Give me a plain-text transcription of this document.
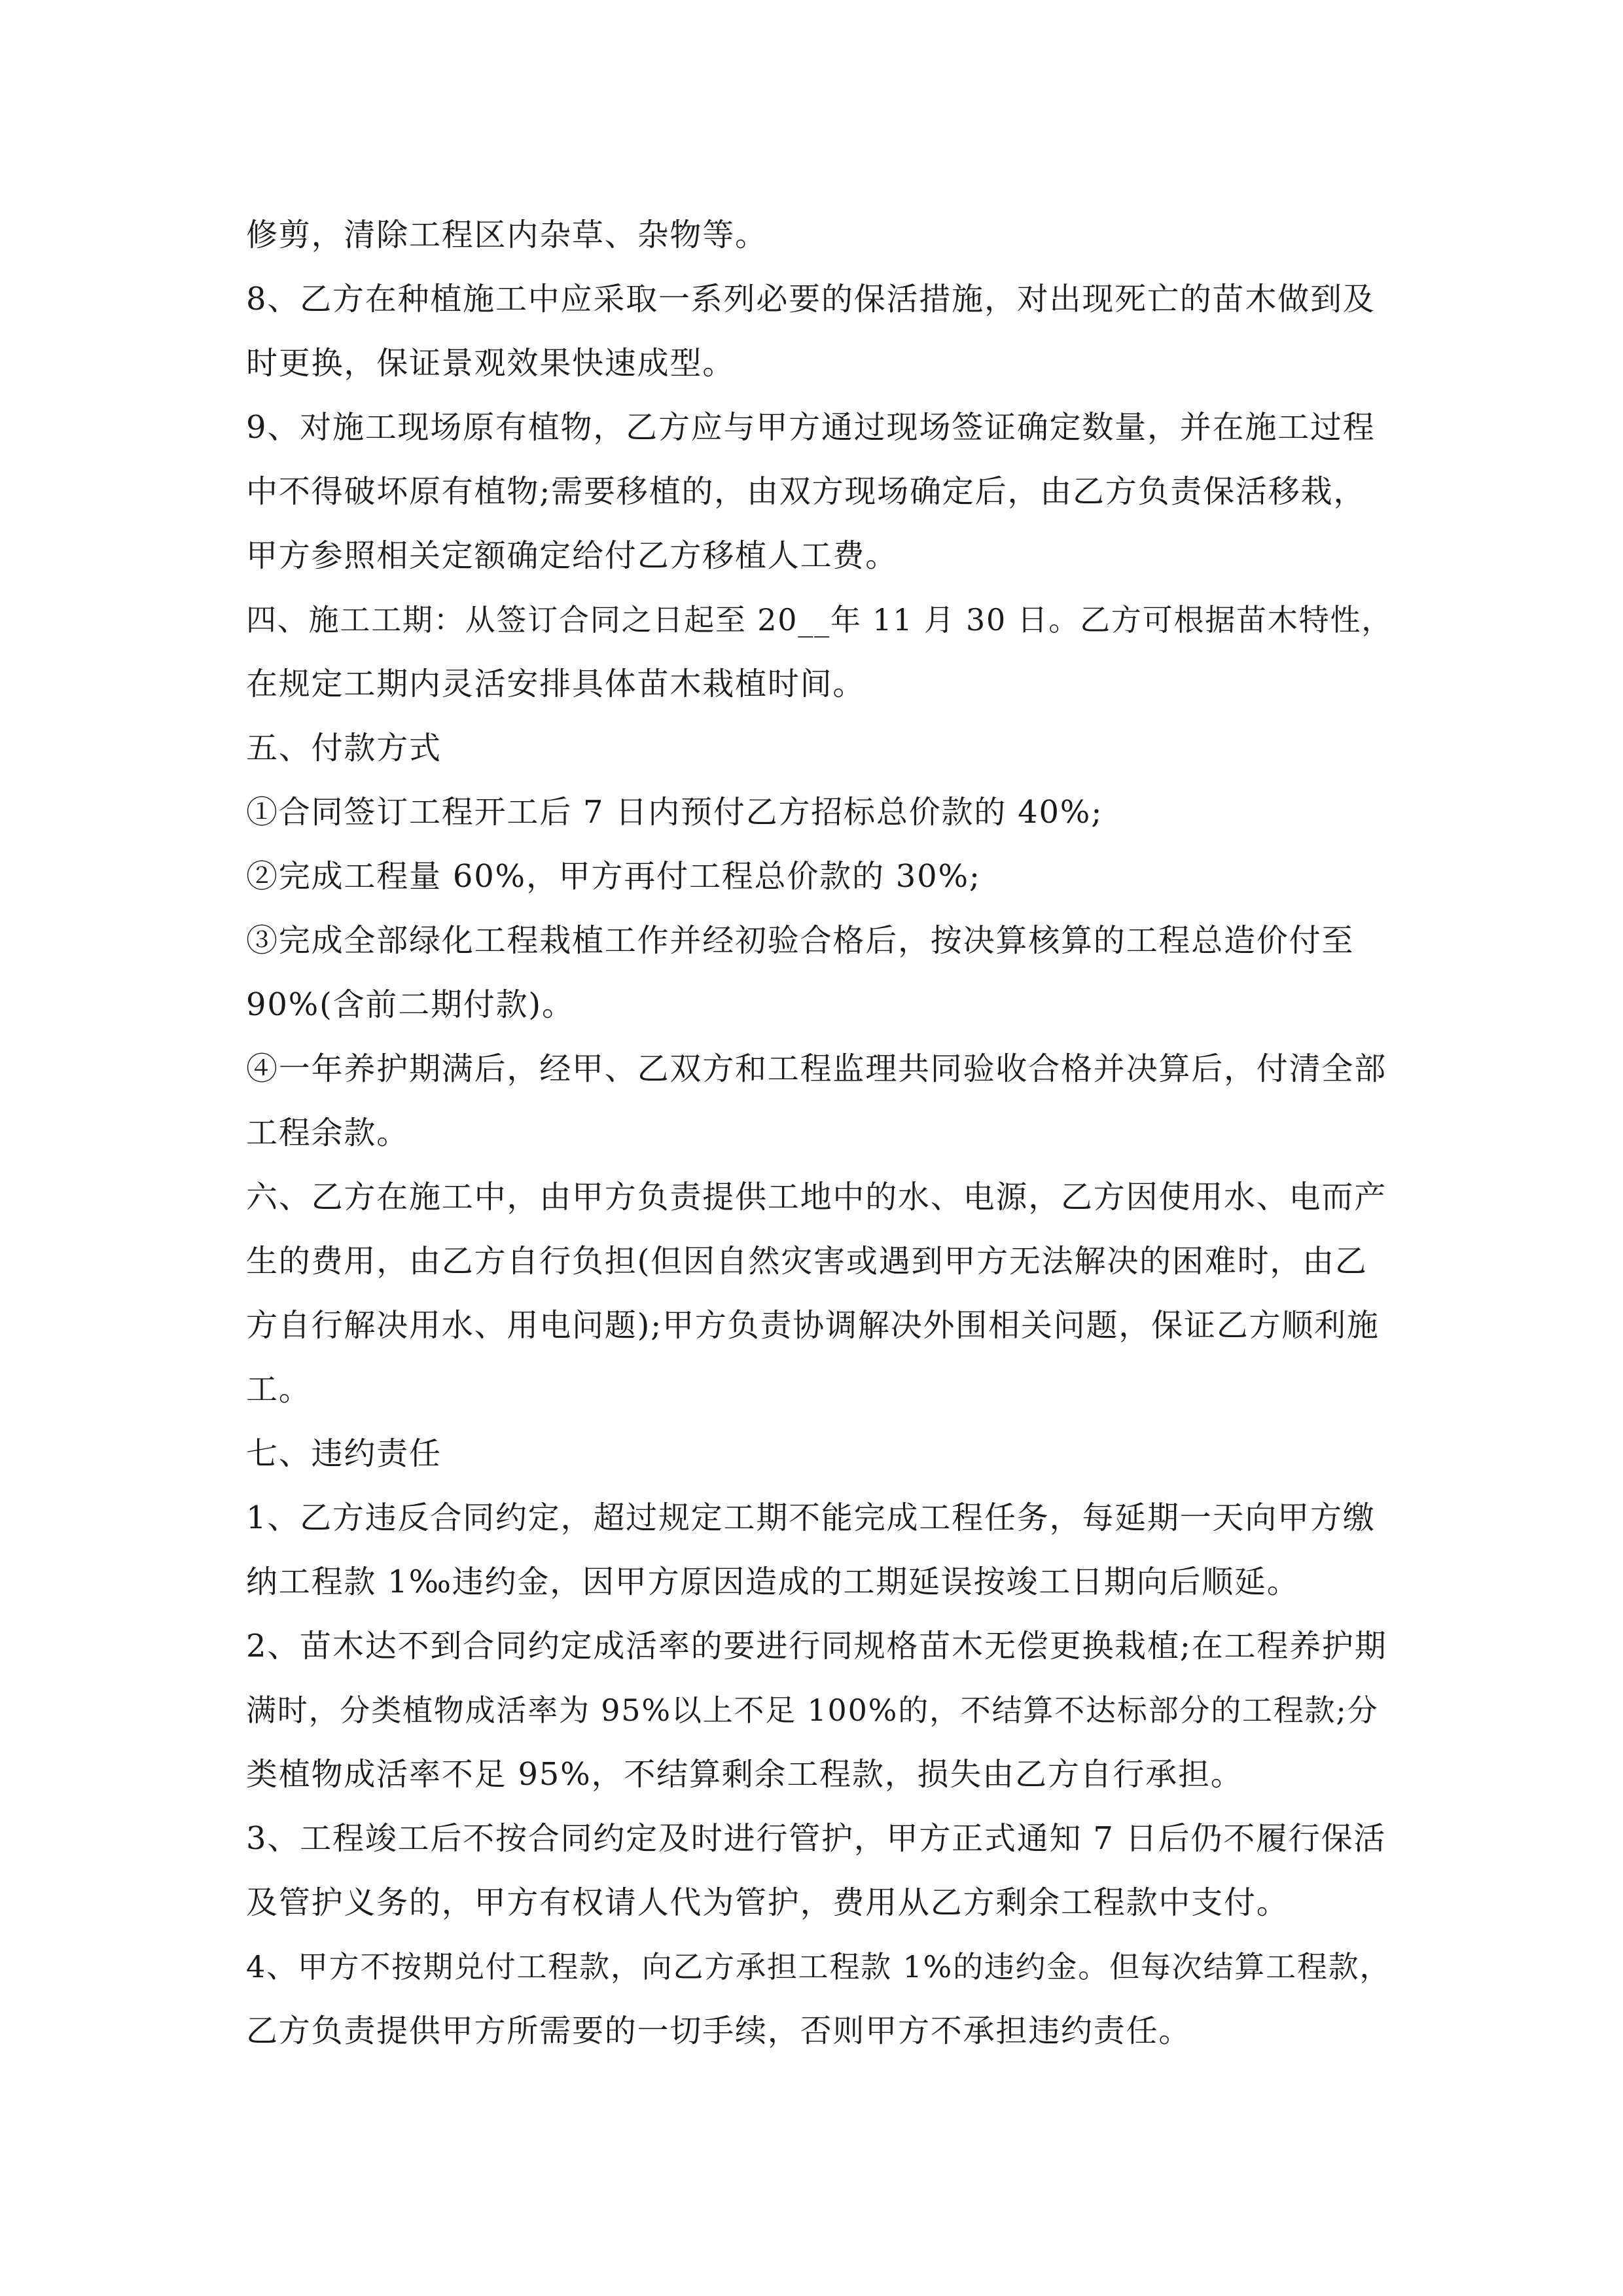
修剪，清除工程区内杂草、杂物等。
8、乙方在种植施工中应采取一系列必要的保活措施，对出现死亡的苗木做到及
时更换，保证景观效果快速成型。
9、对施工现场原有植物，乙方应与甲方通过现场签证确定数量，并在施工过程
中不得破坏原有植物;需要移植的，由双方现场确定后，由乙方负责保活移栽，
甲方参照相关定额确定给付乙方移植人工费。
四、施工工期：从签订合同之日起至 20__年 11 月 30 日。乙方可根据苗木特性，
在规定工期内灵活安排具体苗木栽植时间。
五、付款方式
①合同签订工程开工后 7 日内预付乙方招标总价款的 40%;
②完成工程量 60%，甲方再付工程总价款的 30%;
③完成全部绿化工程栽植工作并经初验合格后，按决算核算的工程总造价付至
90%(含前二期付款)。
④一年养护期满后，经甲、乙双方和工程监理共同验收合格并决算后，付清全部
工程余款。
六、乙方在施工中，由甲方负责提供工地中的水、电源，乙方因使用水、电而产
生的费用，由乙方自行负担(但因自然灾害或遇到甲方无法解决的困难时，由乙
方自行解决用水、用电问题);甲方负责协调解决外围相关问题，保证乙方顺利施
工。
七、违约责任
1、乙方违反合同约定，超过规定工期不能完成工程任务，每延期一天向甲方缴
纳工程款 1‰违约金，因甲方原因造成的工期延误按竣工日期向后顺延。
2、苗木达不到合同约定成活率的要进行同规格苗木无偿更换栽植;在工程养护期
满时，分类植物成活率为 95%以上不足 100%的，不结算不达标部分的工程款;分
类植物成活率不足 95%，不结算剩余工程款，损失由乙方自行承担。
3、工程竣工后不按合同约定及时进行管护，甲方正式通知 7 日后仍不履行保活
及管护义务的，甲方有权请人代为管护，费用从乙方剩余工程款中支付。
4、甲方不按期兑付工程款，向乙方承担工程款 1%的违约金。但每次结算工程款，
乙方负责提供甲方所需要的一切手续，否则甲方不承担违约责任。
